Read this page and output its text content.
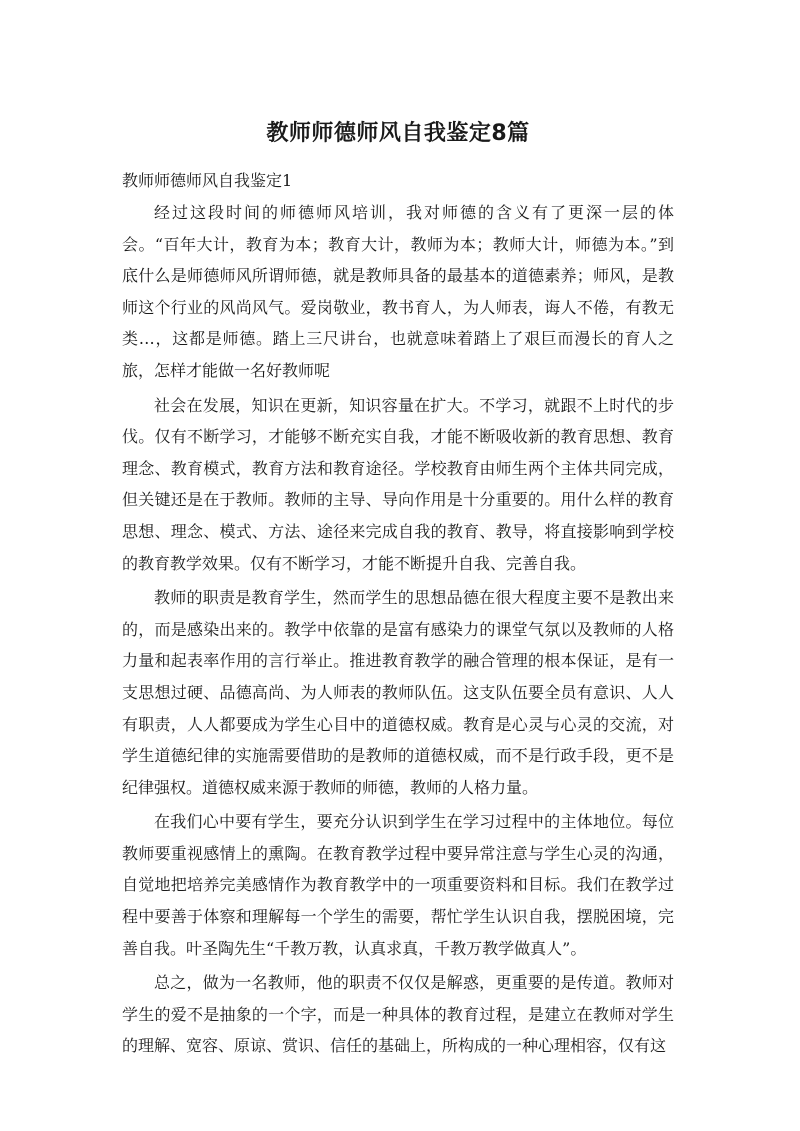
教师师德师风自我鉴定8篇
教师师德师风自我鉴定1

经过这段时间的师德师风培训，我对师德的含义有了更深一层的体会。“百年大计，教育为本；教育大计，教师为本；教师大计，师德为本。”到底什么是师德师风所谓师德，就是教师具备的最基本的道德素养；师风，是教师这个行业的风尚风气。爱岗敬业，教书育人，为人师表，诲人不倦，有教无类…，这都是师德。踏上三尺讲台，也就意味着踏上了艰巨而漫长的育人之旅，怎样才能做一名好教师呢

社会在发展，知识在更新，知识容量在扩大。不学习，就跟不上时代的步伐。仅有不断学习，才能够不断充实自我，才能不断吸收新的教育思想、教育理念、教育模式，教育方法和教育途径。学校教育由师生两个主体共同完成，但关键还是在于教师。教师的主导、导向作用是十分重要的。用什么样的教育思想、理念、模式、方法、途径来完成自我的教育、教导，将直接影响到学校的教育教学效果。仅有不断学习，才能不断提升自我、完善自我。

教师的职责是教育学生，然而学生的思想品德在很大程度主要不是教出来的，而是感染出来的。教学中依靠的是富有感染力的课堂气氛以及教师的人格力量和起表率作用的言行举止。推进教育教学的融合管理的根本保证，是有一支思想过硬、品德高尚、为人师表的教师队伍。这支队伍要全员有意识、人人有职责，人人都要成为学生心目中的道德权威。教育是心灵与心灵的交流，对学生道德纪律的实施需要借助的是教师的道德权威，而不是行政手段，更不是纪律强权。道德权威来源于教师的师德，教师的人格力量。

在我们心中要有学生，要充分认识到学生在学习过程中的主体地位。每位教师要重视感情上的熏陶。在教育教学过程中要异常注意与学生心灵的沟通，自觉地把培养完美感情作为教育教学中的一项重要资料和目标。我们在教学过程中要善于体察和理解每一个学生的需要，帮忙学生认识自我，摆脱困境，完善自我。叶圣陶先生“千教万教，认真求真，千教万教学做真人”。

总之，做为一名教师，他的职责不仅仅是解惑，更重要的是传道。教师对学生的爱不是抽象的一个字，而是一种具体的教育过程，是建立在教师对学生的理解、宽容、原谅、赏识、信任的基础上，所构成的一种心理相容，仅有这
